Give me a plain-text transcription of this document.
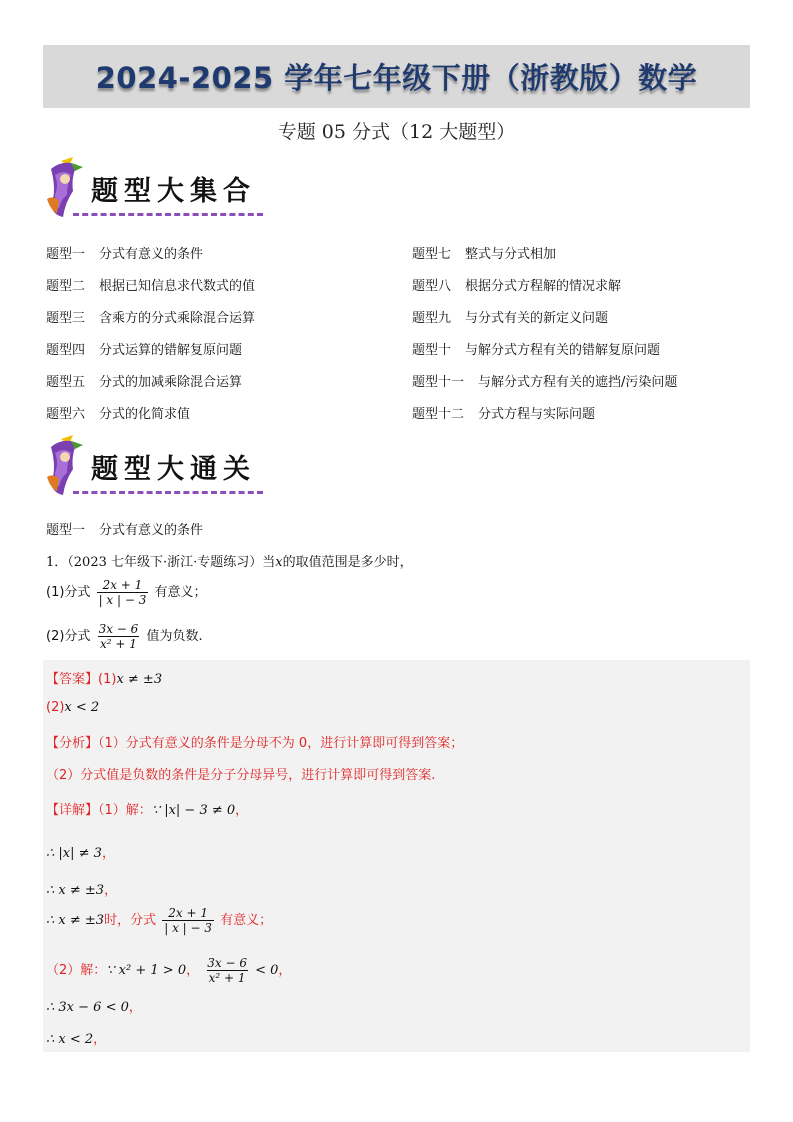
2024-2025 学年七年级下册（浙教版）数学
专题 05 分式（12 大题型）
题型大集合
题型一 分式有意义的条件
题型二 根据已知信息求代数式的值
题型三 含乘方的分式乘除混合运算
题型四 分式运算的错解复原问题
题型五 分式的加减乘除混合运算
题型六 分式的化简求值
题型七 整式与分式相加
题型八 根据分式方程解的情况求解
题型九 与分式有关的新定义问题
题型十 与解分式方程有关的错解复原问题
题型十一 与解分式方程有关的遮挡/污染问题
题型十二 分式方程与实际问题
题型大通关
题型一 分式有意义的条件
1．（2023 七年级下·浙江·专题练习）当x的取值范围是多少时，
(1)分式 $\frac{2x + 1}{| x | - 3}$ 有意义；
(2)分式 $\frac{3x - 6}{\text{x² + 1}}$ 值为负数.
【答案】(1)x ≠ ±3
(2)x < 2
【分析】（1）分式有意义的条件是分母不为 0，进行计算即可得到答案；
（2）分式值是负数的条件是分子分母异号，进行计算即可得到答案.
【详解】（1）解：∵ |x| − 3 ≠ 0，
∴ |x| ≠ 3，
∴ x ≠ ±3，
∴ x ≠ ±3时，分式 $\frac{2x + 1}{| x | - 3}$ 有意义；
（2）解：∵ x² + 1 > 0， $\frac{3x - 6}{\text{x² + 1}} < 0$，
∴ 3x − 6 < 0，
∴ x < 2，
